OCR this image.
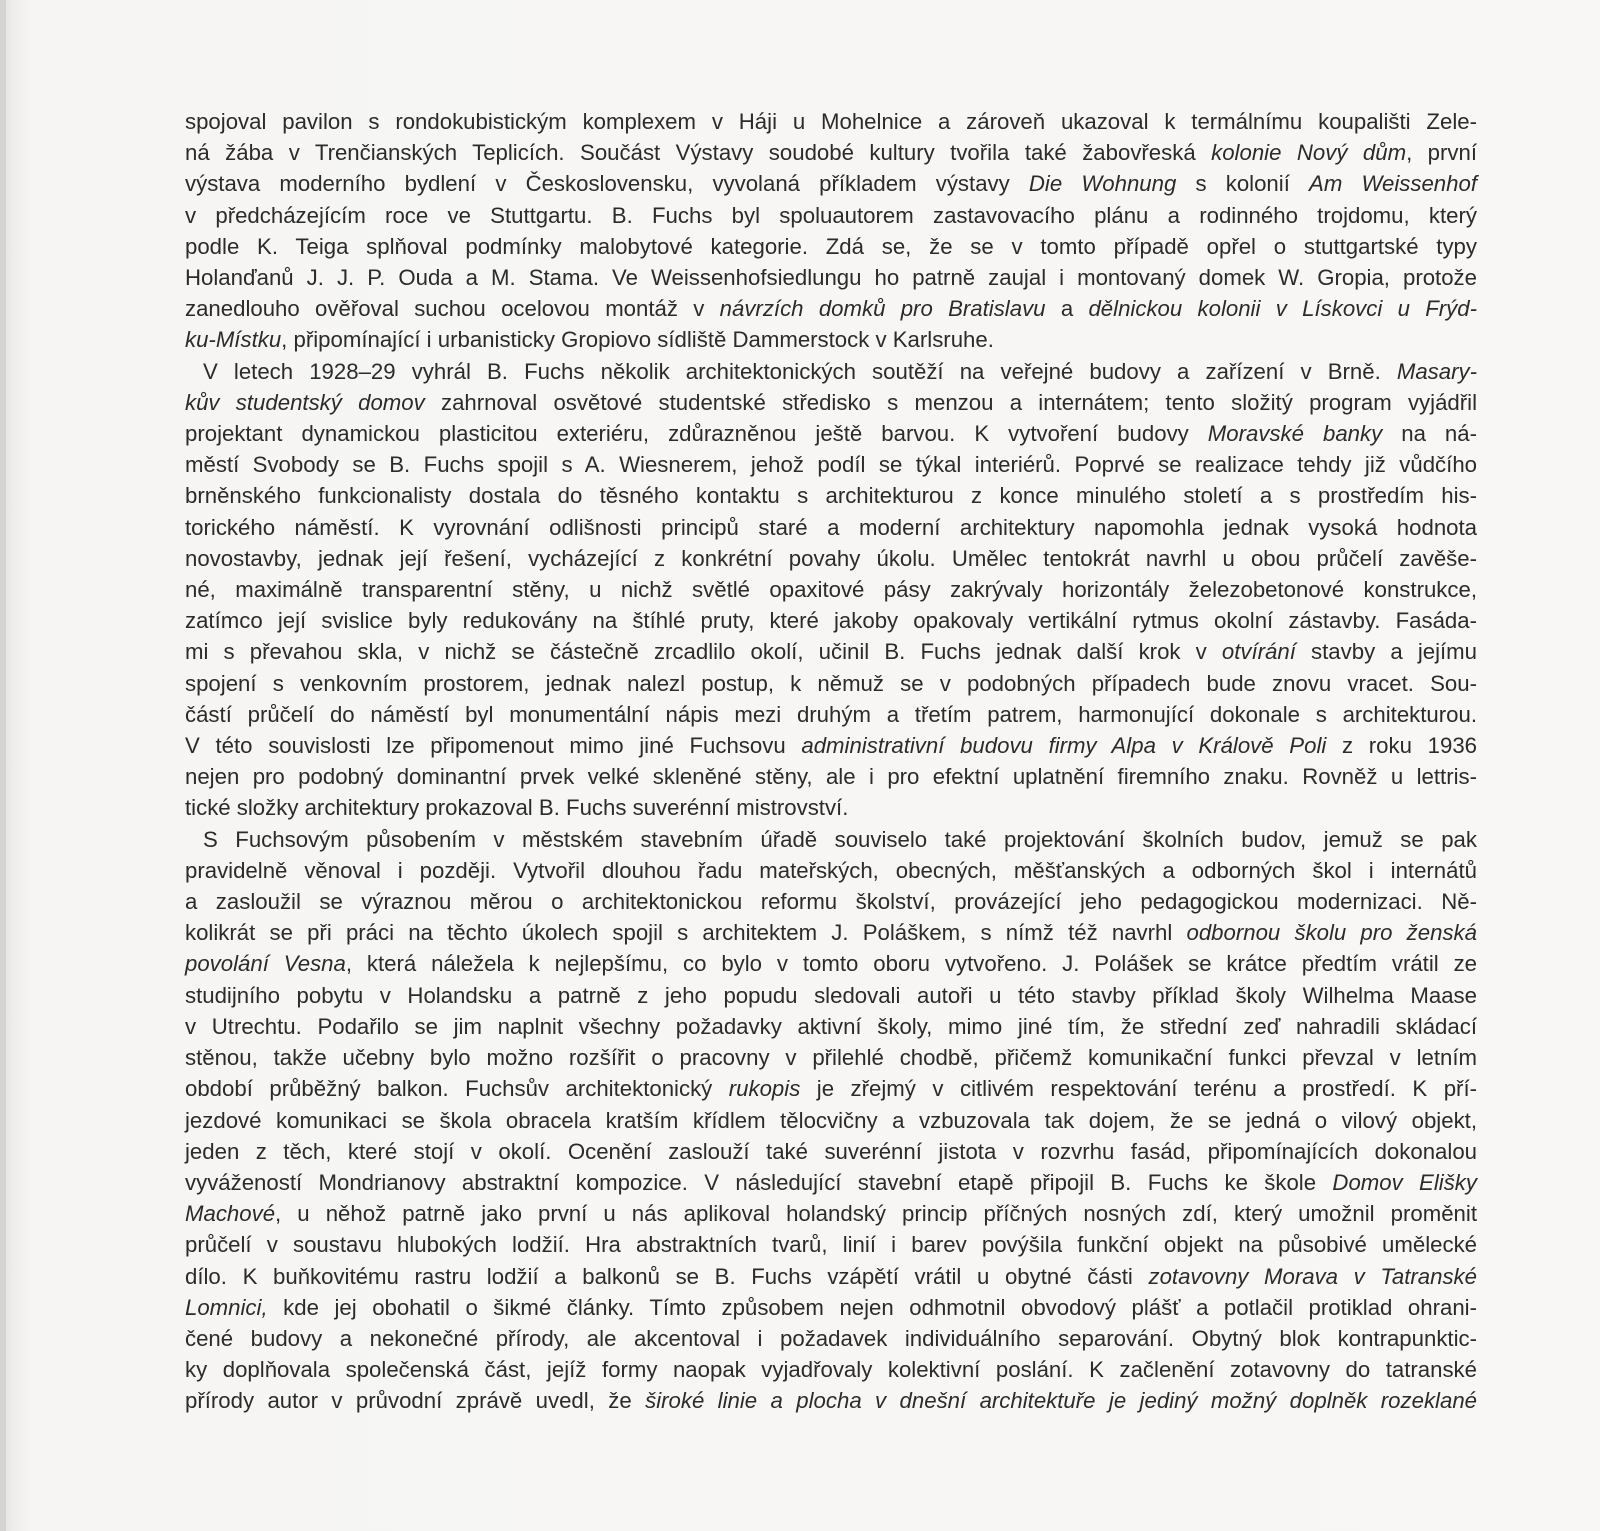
spojoval pavilon s rondokubistickým komplexem v Háji u Mohelnice a zároveň ukazoval k termálnímu koupališti Zele-
ná žába v Trenčianských Teplicích. Součást Výstavy soudobé kultury tvořila také žabovřeská kolonie Nový dům, první
výstava moderního bydlení v Československu, vyvolaná příkladem výstavy Die Wohnung s kolonií Am Weissenhof
v předcházejícím roce ve Stuttgartu. B. Fuchs byl spoluautorem zastavovacího plánu a rodinného trojdomu, který
podle K. Teiga splňoval podmínky malobytové kategorie. Zdá se, že se v tomto případě opřel o stuttgartské typy
Holanďanů J. J. P. Ouda a M. Stama. Ve Weissenhofsiedlungu ho patrně zaujal i montovaný domek W. Gropia, protože
zanedlouho ověřoval suchou ocelovou montáž v návrzích domků pro Bratislavu a dělnickou kolonii v Lískovci u Frýd-
ku-Místku, připomínající i urbanisticky Gropiovo sídliště Dammerstock v Karlsruhe.
V letech 1928–29 vyhrál B. Fuchs několik architektonických soutěží na veřejné budovy a zařízení v Brně. Masary-
kův studentský domov zahrnoval osvětové studentské středisko s menzou a internátem; tento složitý program vyjádřil
projektant dynamickou plasticitou exteriéru, zdůrazněnou ještě barvou. K vytvoření budovy Moravské banky na ná-
městí Svobody se B. Fuchs spojil s A. Wiesnerem, jehož podíl se týkal interiérů. Poprvé se realizace tehdy již vůdčího
brněnského funkcionalisty dostala do těsného kontaktu s architekturou z konce minulého století a s prostředím his-
torického náměstí. K vyrovnání odlišnosti principů staré a moderní architektury napomohla jednak vysoká hodnota
novostavby, jednak její řešení, vycházející z konkrétní povahy úkolu. Umělec tentokrát navrhl u obou průčelí zavěše-
né, maximálně transparentní stěny, u nichž světlé opaxitové pásy zakrývaly horizontály železobetonové konstrukce,
zatímco její svislice byly redukovány na štíhlé pruty, které jakoby opakovaly vertikální rytmus okolní zástavby. Fasáda-
mi s převahou skla, v nichž se částečně zrcadlilo okolí, učinil B. Fuchs jednak další krok v otvírání stavby a jejímu
spojení s venkovním prostorem, jednak nalezl postup, k němuž se v podobných případech bude znovu vracet. Sou-
částí průčelí do náměstí byl monumentální nápis mezi druhým a třetím patrem, harmonující dokonale s architekturou.
V této souvislosti lze připomenout mimo jiné Fuchsovu administrativní budovu firmy Alpa v Králově Poli z roku 1936
nejen pro podobný dominantní prvek velké skleněné stěny, ale i pro efektní uplatnění firemního znaku. Rovněž u lettris-
tické složky architektury prokazoval B. Fuchs suverénní mistrovství.
S Fuchsovým působením v městském stavebním úřadě souviselo také projektování školních budov, jemuž se pak
pravidelně věnoval i později. Vytvořil dlouhou řadu mateřských, obecných, měšťanských a odborných škol i internátů
a zasloužil se výraznou měrou o architektonickou reformu školství, provázející jeho pedagogickou modernizaci. Ně-
kolikrát se při práci na těchto úkolech spojil s architektem J. Poláškem, s nímž též navrhl odbornou školu pro ženská
povolání Vesna, která náležela k nejlepšímu, co bylo v tomto oboru vytvořeno. J. Polášek se krátce předtím vrátil ze
studijního pobytu v Holandsku a patrně z jeho popudu sledovali autoři u této stavby příklad školy Wilhelma Maase
v Utrechtu. Podařilo se jim naplnit všechny požadavky aktivní školy, mimo jiné tím, že střední zeď nahradili skládací
stěnou, takže učebny bylo možno rozšířit o pracovny v přilehlé chodbě, přičemž komunikační funkci převzal v letním
období průběžný balkon. Fuchsův architektonický rukopis je zřejmý v citlivém respektování terénu a prostředí. K pří-
jezdové komunikaci se škola obracela kratším křídlem tělocvičny a vzbuzovala tak dojem, že se jedná o vilový objekt,
jeden z těch, které stojí v okolí. Ocenění zaslouží také suverénní jistota v rozvrhu fasád, připomínajících dokonalou
vyvážeností Mondrianovy abstraktní kompozice. V následující stavební etapě připojil B. Fuchs ke škole Domov Elišky
Machové, u něhož patrně jako první u nás aplikoval holandský princip příčných nosných zdí, který umožnil proměnit
průčelí v soustavu hlubokých lodžií. Hra abstraktních tvarů, linií i barev povýšila funkční objekt na působivé umělecké
dílo. K buňkovitému rastru lodžií a balkonů se B. Fuchs vzápětí vrátil u obytné části zotavovny Morava v Tatranské
Lomnici, kde jej obohatil o šikmé články. Tímto způsobem nejen odhmotnil obvodový plášť a potlačil protiklad ohrani-
čené budovy a nekonečné přírody, ale akcentoval i požadavek individuálního separování. Obytný blok kontrapunktic-
ky doplňovala společenská část, jejíž formy naopak vyjadřovaly kolektivní poslání. K začlenění zotavovny do tatranské
přírody autor v průvodní zprávě uvedl, že široké linie a plocha v dnešní architektuře je jediný možný doplněk rozeklané
